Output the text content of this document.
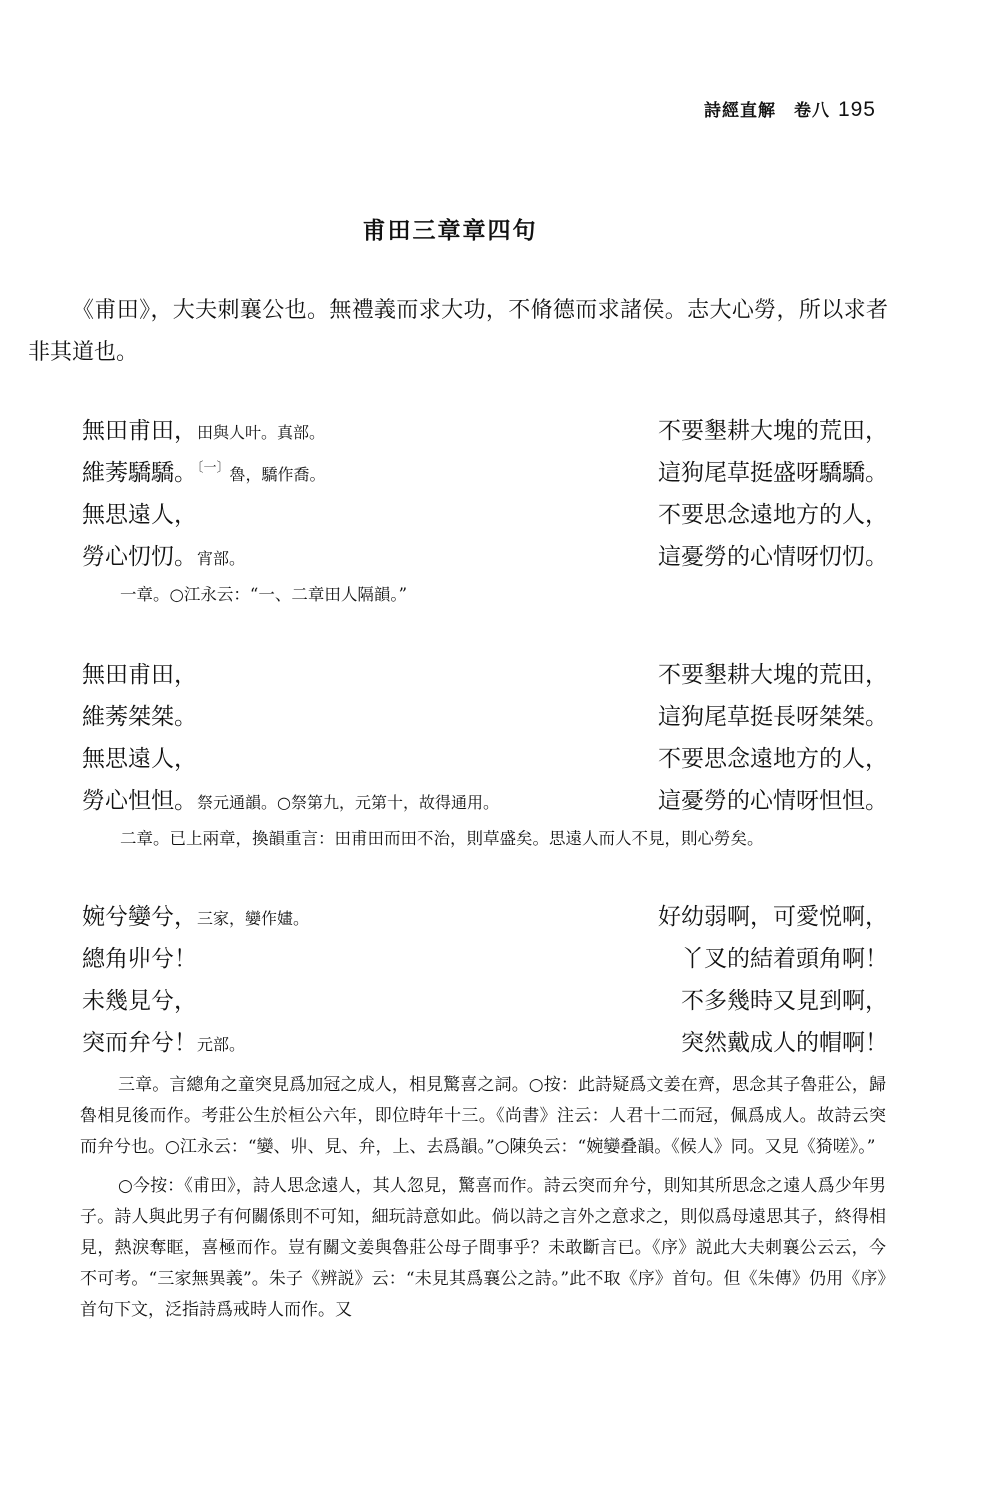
詩經直解　卷八 195
甫田三章章四句
《甫田》，大夫刺襄公也。無禮義而求大功，不脩德而求諸侯。志大心勞，所以求者非其道也。
無田甫田，田與人叶。真部。	不要墾耕大塊的荒田，
維莠驕驕。$^{〔一〕}$魯，驕作喬。	這狗尾草挺盛呀驕驕。
無思遠人，	不要思念遠地方的人，
勞心忉忉。宵部。	這憂勞的心情呀忉忉。
一章。○江永云：“一、二章田人隔韻。”
無田甫田，	不要墾耕大塊的荒田，
維莠桀桀。	這狗尾草挺長呀桀桀。
無思遠人，	不要思念遠地方的人，
勞心怛怛。祭元通韻。○祭第九，元第十，故得通用。	這憂勞的心情呀怛怛。
二章。已上兩章，換韻重言：田甫田而田不治，則草盛矣。思遠人而人不見，則心勞矣。
婉兮孌兮，三家，孌作嫿。	好幼弱啊，可愛悦啊，
總角丱兮！	丫叉的結着頭角啊！
未幾見兮，	不多幾時又見到啊，
突而弁兮！元部。	突然戴成人的帽啊！

三章。言總角之童突見爲加冠之成人，相見驚喜之詞。○按：此詩疑爲文姜在齊，思念其子魯莊公，歸魯相見後而作。考莊公生於桓公六年，即位時年十三。《尚書》注云：人君十二而冠，佩爲成人。故詩云突而弁兮也。○江永云：“孌、丱、見、弁，上、去爲韻。”○陳奂云：“婉孌叠韻。《候人》同。又見《猗嗟》。”

○今按：《甫田》，詩人思念遠人，其人忽見，驚喜而作。詩云突而弁兮，則知其所思念之遠人爲少年男子。詩人與此男子有何關係則不可知，細玩詩意如此。倘以詩之言外之意求之，則似爲母遠思其子，終得相見，熱淚奪眶，喜極而作。豈有關文姜與魯莊公母子間事乎？未敢斷言已。《序》説此大夫刺襄公云云，今不可考。“三家無異義”。朱子《辨説》云：“未見其爲襄公之詩。”此不取《序》首句。但《朱傳》仍用《序》首句下文，泛指詩爲戒時人而作。又
